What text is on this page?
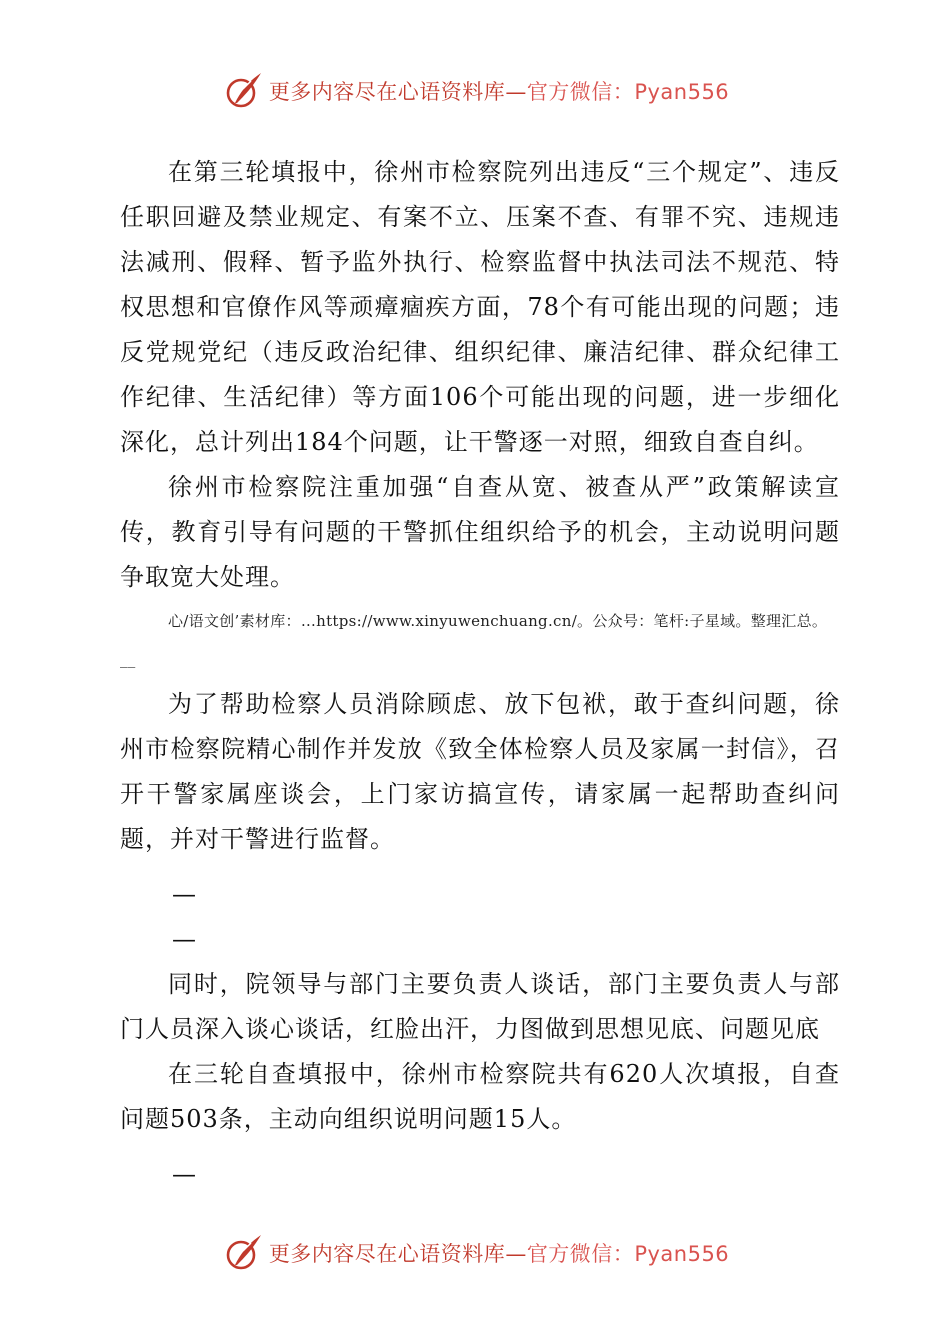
更多内容尽在心语资料库—官方微信：Pyan556

在第三轮填报中，徐州市检察院列出违反“三个规定”、违反任职回避及禁业规定、有案不立、压案不查、有罪不究、违规违法减刑、假释、暂予监外执行、检察监督中执法司法不规范、特权思想和官僚作风等顽瘴痼疾方面，78个有可能出现的问题；违反党规党纪（违反政治纪律、组织纪律、廉洁纪律、群众纪律工作纪律、生活纪律）等方面106个可能出现的问题，进一步细化深化，总计列出184个问题，让干警逐一对照，细致自查自纠。

徐州市检察院注重加强“自查从宽、被查从严”政策解读宣传，教育引导有问题的干警抓住组织给予的机会，主动说明问题争取宽大处理。

心/语文创’素材库：…https://www.xinyuwenchuang.cn/。公众号：笔杆:子星域。整理汇总。__

为了帮助检察人员消除顾虑、放下包袱，敢于查纠问题，徐州市检察院精心制作并发放《致全体检察人员及家属一封信》，召开干警家属座谈会，上门家访搞宣传，请家属一起帮助查纠问题，并对干警进行监督。

—

—

同时，院领导与部门主要负责人谈话，部门主要负责人与部门人员深入谈心谈话，红脸出汗，力图做到思想见底、问题见底

在三轮自查填报中，徐州市检察院共有620人次填报，自查问题503条，主动向组织说明问题15人。

—

更多内容尽在心语资料库—官方微信：Pyan556
